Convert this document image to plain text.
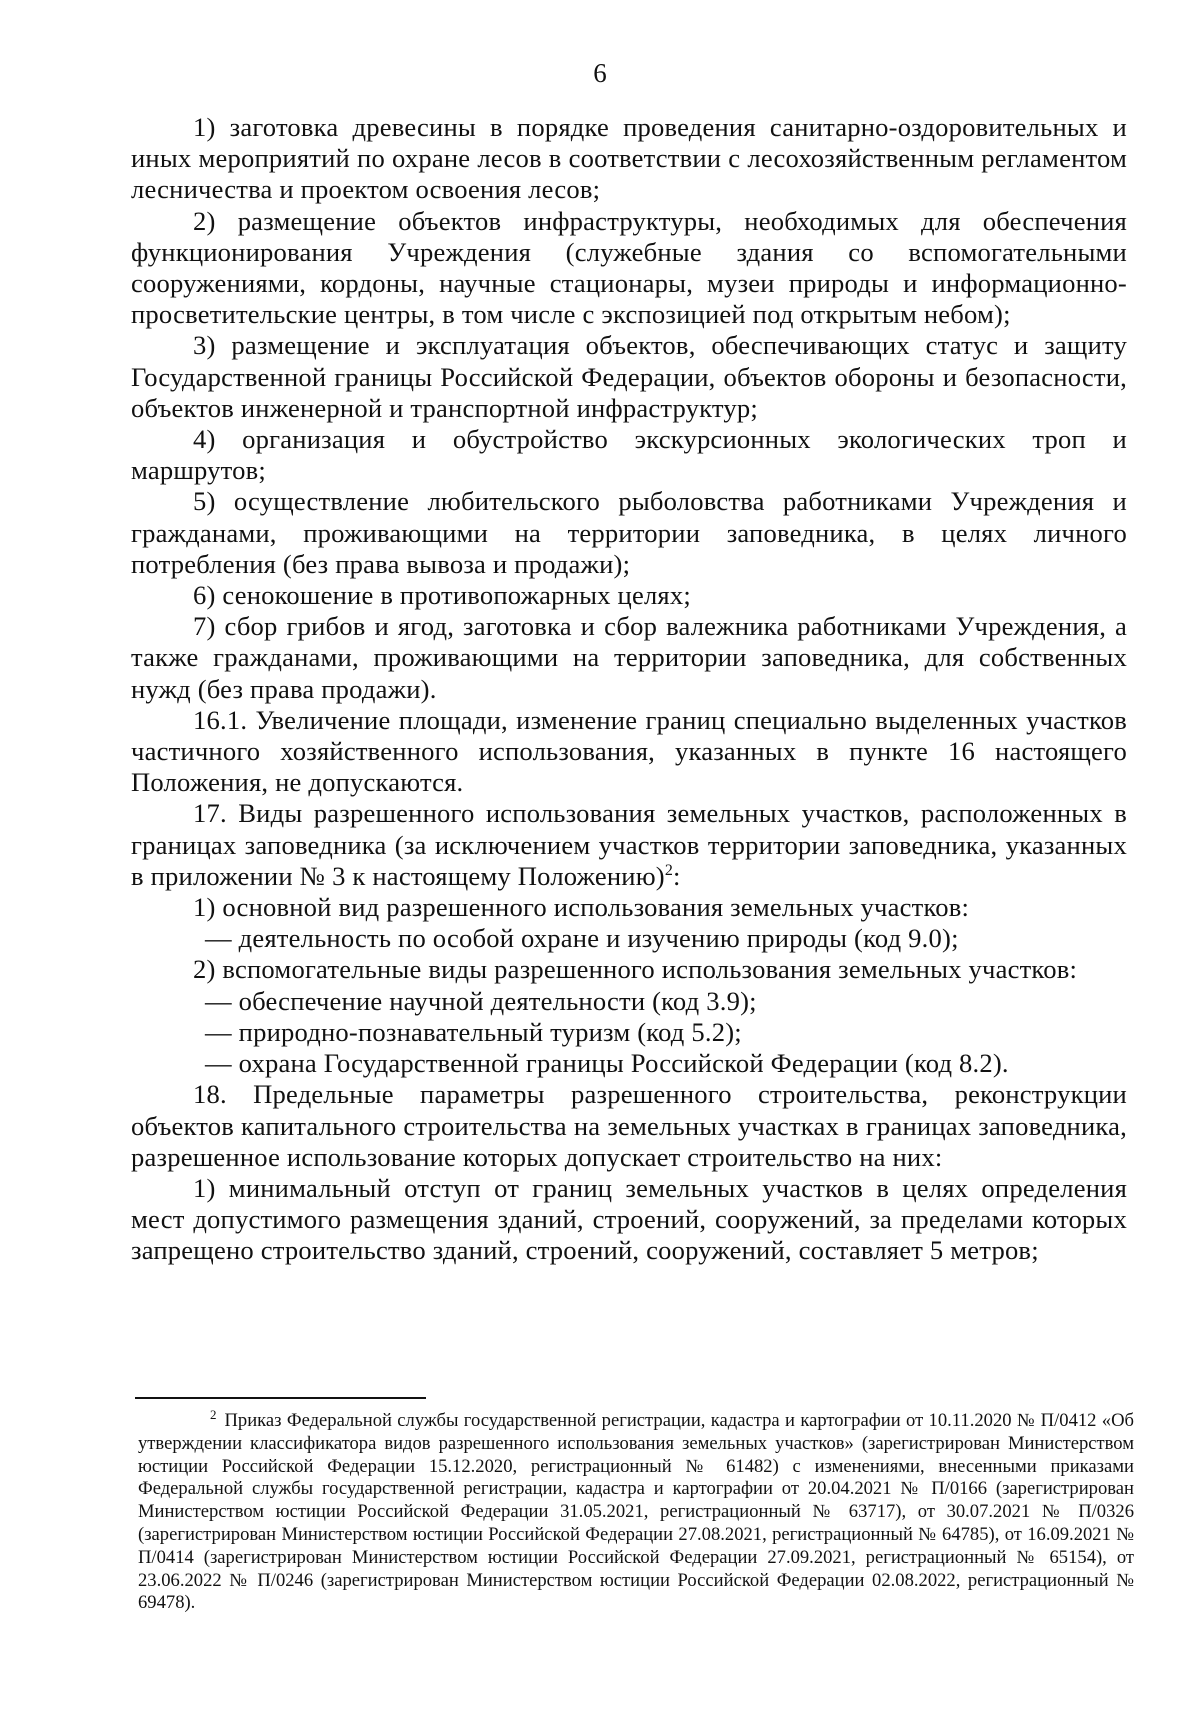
6

1) заготовка древесины в порядке проведения санитарно-оздоровительных и иных мероприятий по охране лесов в соответствии с лесохозяйственным регламентом лесничества и проектом освоения лесов;

2) размещение объектов инфраструктуры, необходимых для обеспечения функционирования Учреждения (служебные здания со вспомогательными сооружениями, кордоны, научные стационары, музеи природы и информационно-просветительские центры, в том числе с экспозицией под открытым небом);

3) размещение и эксплуатация объектов, обеспечивающих статус и защиту Государственной границы Российской Федерации, объектов обороны и безопасности, объектов инженерной и транспортной инфраструктур;

4) организация и обустройство экскурсионных экологических троп и маршрутов;

5) осуществление любительского рыболовства работниками Учреждения и гражданами, проживающими на территории заповедника, в целях личного потребления (без права вывоза и продажи);

6) сенокошение в противопожарных целях;

7) сбор грибов и ягод, заготовка и сбор валежника работниками Учреждения, а также гражданами, проживающими на территории заповедника, для собственных нужд (без права продажи).

16.1. Увеличение площади, изменение границ специально выделенных участков частичного хозяйственного использования, указанных в пункте 16 настоящего Положения, не допускаются.

17. Виды разрешенного использования земельных участков, расположенных в границах заповедника (за исключением участков территории заповедника, указанных в приложении № 3 к настоящему Положению)$^2$:

1) основной вид разрешенного использования земельных участков:

— деятельность по особой охране и изучению природы (код 9.0);

2) вспомогательные виды разрешенного использования земельных участков:

— обеспечение научной деятельности (код 3.9);

— природно-познавательный туризм (код 5.2);

— охрана Государственной границы Российской Федерации (код 8.2).

18. Предельные параметры разрешенного строительства, реконструкции объектов капитального строительства на земельных участках в границах заповедника, разрешенное использование которых допускает строительство на них:

1) минимальный отступ от границ земельных участков в целях определения мест допустимого размещения зданий, строений, сооружений, за пределами которых запрещено строительство зданий, строений, сооружений, составляет 5 метров;

$^2$ Приказ Федеральной службы государственной регистрации, кадастра и картографии от 10.11.2020 № П/0412 «Об утверждении классификатора видов разрешенного использования земельных участков» (зарегистрирован Министерством юстиции Российской Федерации 15.12.2020, регистрационный № 61482) с изменениями, внесенными приказами Федеральной службы государственной регистрации, кадастра и картографии от 20.04.2021 № П/0166 (зарегистрирован Министерством юстиции Российской Федерации 31.05.2021, регистрационный № 63717), от 30.07.2021 № П/0326 (зарегистрирован Министерством юстиции Российской Федерации 27.08.2021, регистрационный № 64785), от 16.09.2021 № П/0414 (зарегистрирован Министерством юстиции Российской Федерации 27.09.2021, регистрационный № 65154), от 23.06.2022 № П/0246 (зарегистрирован Министерством юстиции Российской Федерации 02.08.2022, регистрационный № 69478).
